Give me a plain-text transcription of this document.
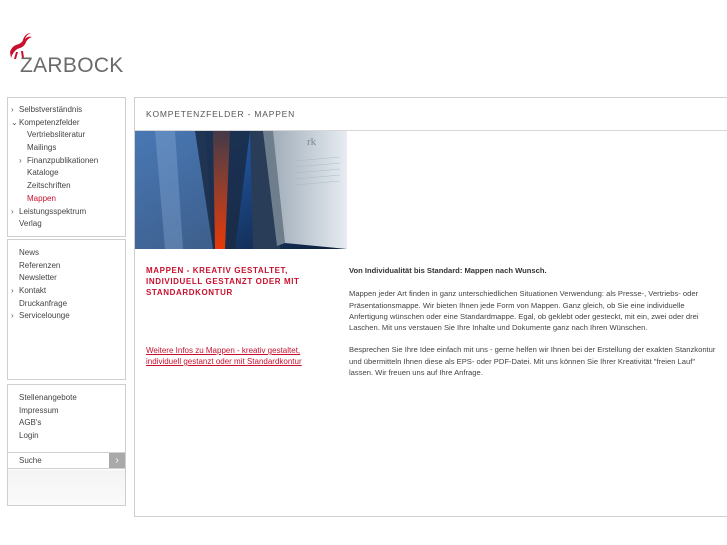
ZARBOCK
› Selbstverständnis
⌄ Kompetenzfelder
Vertriebsliteratur
Mailings
› Finanzpublikationen
Kataloge
Zeitschriften
Mappen
› Leistungsspektrum
Verlag
News
Referenzen
Newsletter
› Kontakt
Druckanfrage
› Servicelounge
Stellenangebote
Impressum
AGB's
Login
Suche
›
KOMPETENZFELDER - MAPPEN
rk
MAPPEN - KREATIV GESTALTET, INDIVIDUELL GESTANZT ODER MIT STANDARDKONTUR
Weitere Infos zu Mappen - kreativ gestaltet, individuell gestanzt oder mit Standardkontur
Von Individualität bis Standard: Mappen nach Wunsch.

Mappen jeder Art finden in ganz unterschiedlichen Situationen Verwendung: als Presse-, Vertriebs- oder Präsentationsmappe. Wir bieten Ihnen jede Form von Mappen. Ganz gleich, ob Sie eine individuelle Anfertigung wünschen oder eine Standardmappe. Egal, ob geklebt oder gesteckt, mit ein, zwei oder drei Laschen. Mit uns verstauen Sie Ihre Inhalte und Dokumente ganz nach Ihren Wünschen.

Besprechen Sie Ihre Idee einfach mit uns - gerne helfen wir Ihnen bei der Erstellung der exakten Stanzkontur und übermitteln Ihnen diese als EPS- oder PDF-Datei. Mit uns können Sie Ihrer Kreativität "freien Lauf" lassen. Wir freuen uns auf Ihre Anfrage.
